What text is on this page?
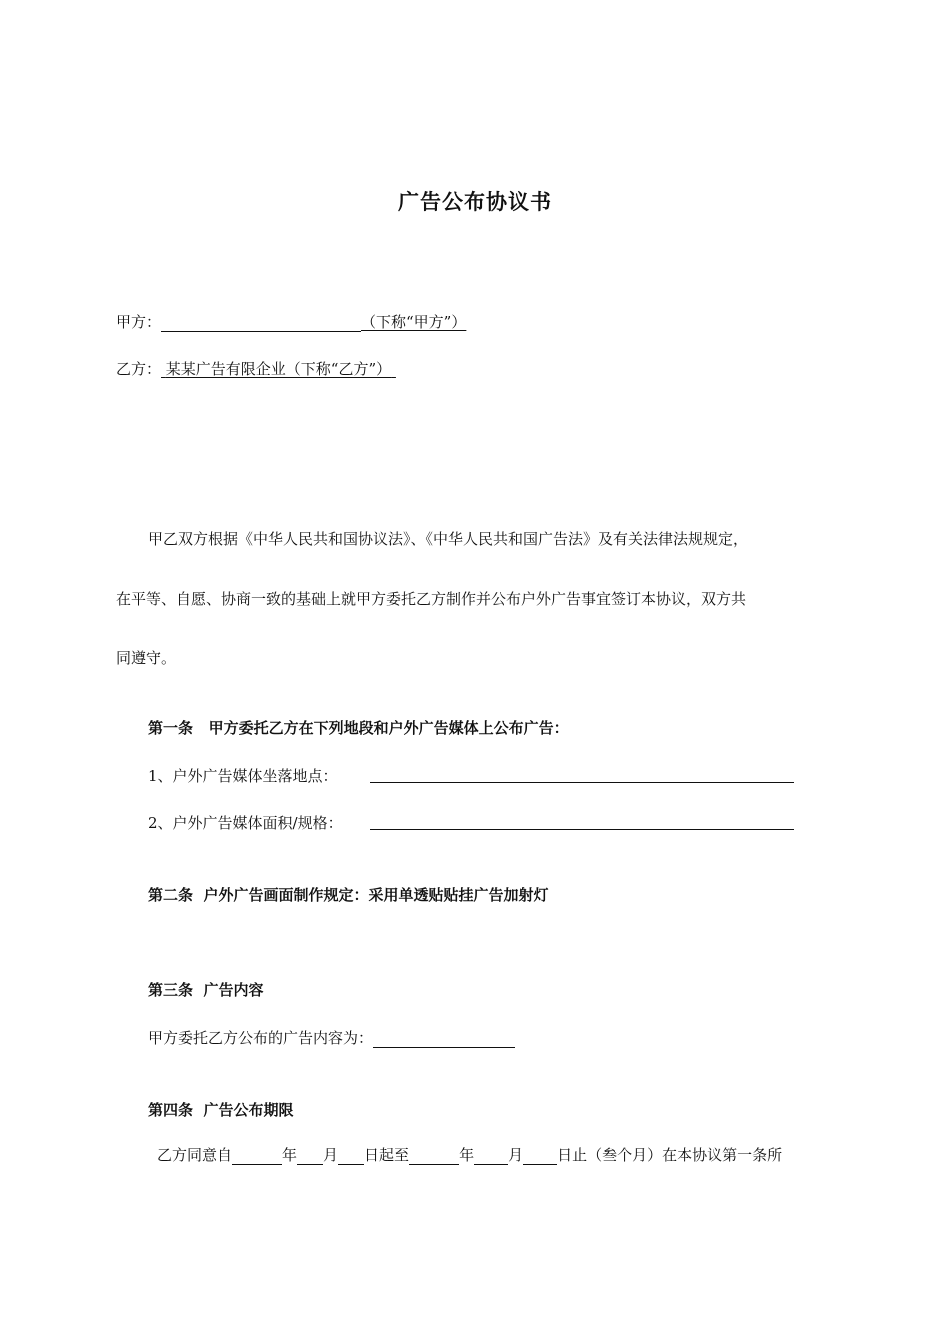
广告公布协议书
甲方：	（下称“甲方”）
乙方： 某某广告有限企业（下称“乙方”）
甲乙双方根据《中华人民共和国协议法》、《中华人民共和国广告法》及有关法律法规规定，
在平等、自愿、协商一致的基础上就甲方委托乙方制作并公布户外广告事宜签订本协议，双方共
同遵守。
第一条   甲方委托乙方在下列地段和户外广告媒体上公布广告：
1、户外广告媒体坐落地点：
2、户外广告媒体面积/规格：
第二条  户外广告画面制作规定：采用单透贴贴挂广告加射灯
第三条  广告内容
甲方委托乙方公布的广告内容为：
第四条  广告公布期限
乙方同意自	年 月 日起至	年 月 日止（叁个月）在本协议第一条所
